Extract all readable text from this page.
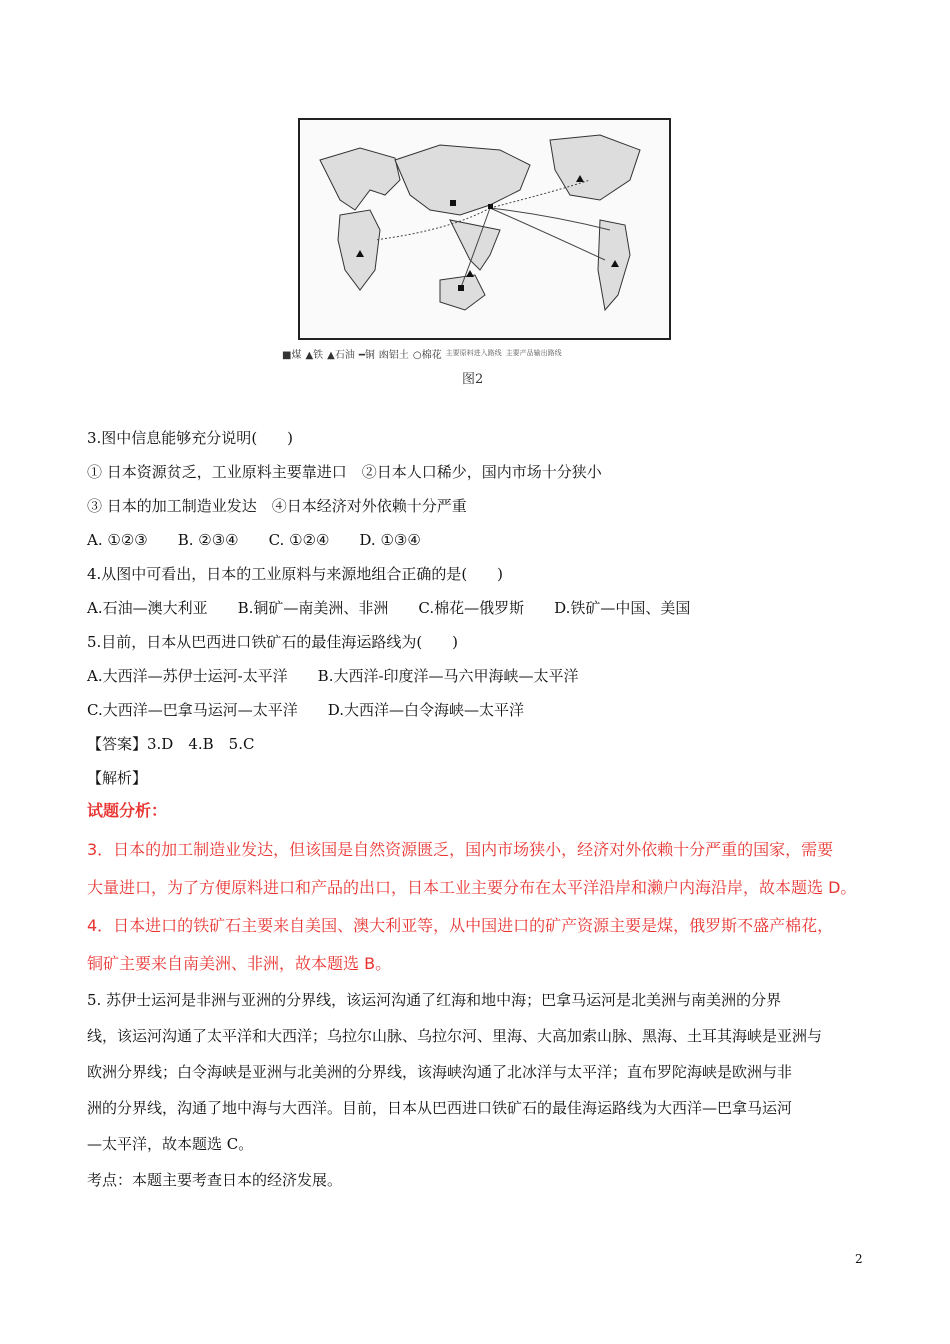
■煤 ▲铁 ▲石油 ━铜 凼铝土 ○棉花 主要原料进入路线 主要产品输出路线
图2
3.图中信息能够充分说明(　　)
① 日本资源贫乏，工业原料主要靠进口　②日本人口稀少，国内市场十分狭小
③ 日本的加工制造业发达　④日本经济对外依赖十分严重
A. ①②③　　B. ②③④　　C. ①②④　　D. ①③④
4.从图中可看出，日本的工业原料与来源地组合正确的是(　　)
A.石油—澳大利亚　　B.铜矿—南美洲、非洲　　C.棉花—俄罗斯　　D.铁矿—中国、美国
5.目前，日本从巴西进口铁矿石的最佳海运路线为(　　)
A.大西洋—苏伊士运河-太平洋　　B.大西洋-印度洋—马六甲海峡—太平洋
C.大西洋—巴拿马运河—太平洋　　D.大西洋—白令海峡—太平洋
【答案】3.D　4.B　5.C
【解析】
试题分析：
3．日本的加工制造业发达，但该国是自然资源匮乏，国内市场狭小，经济对外依赖十分严重的国家，需要
大量进口，为了方便原料进口和产品的出口，日本工业主要分布在太平洋沿岸和濑户内海沿岸，故本题选 D。
4．日本进口的铁矿石主要来自美国、澳大利亚等，从中国进口的矿产资源主要是煤，俄罗斯不盛产棉花，
铜矿主要来自南美洲、非洲，故本题选 B。
5. 苏伊士运河是非洲与亚洲的分界线，该运河沟通了红海和地中海；巴拿马运河是北美洲与南美洲的分界
线，该运河沟通了太平洋和大西洋；乌拉尔山脉、乌拉尔河、里海、大高加索山脉、黑海、土耳其海峡是亚洲与
欧洲分界线；白令海峡是亚洲与北美洲的分界线，该海峡沟通了北冰洋与太平洋；直布罗陀海峡是欧洲与非
洲的分界线，沟通了地中海与大西洋。目前，日本从巴西进口铁矿石的最佳海运路线为大西洋—巴拿马运河
—太平洋，故本题选 C。
考点：本题主要考查日本的经济发展。
2
